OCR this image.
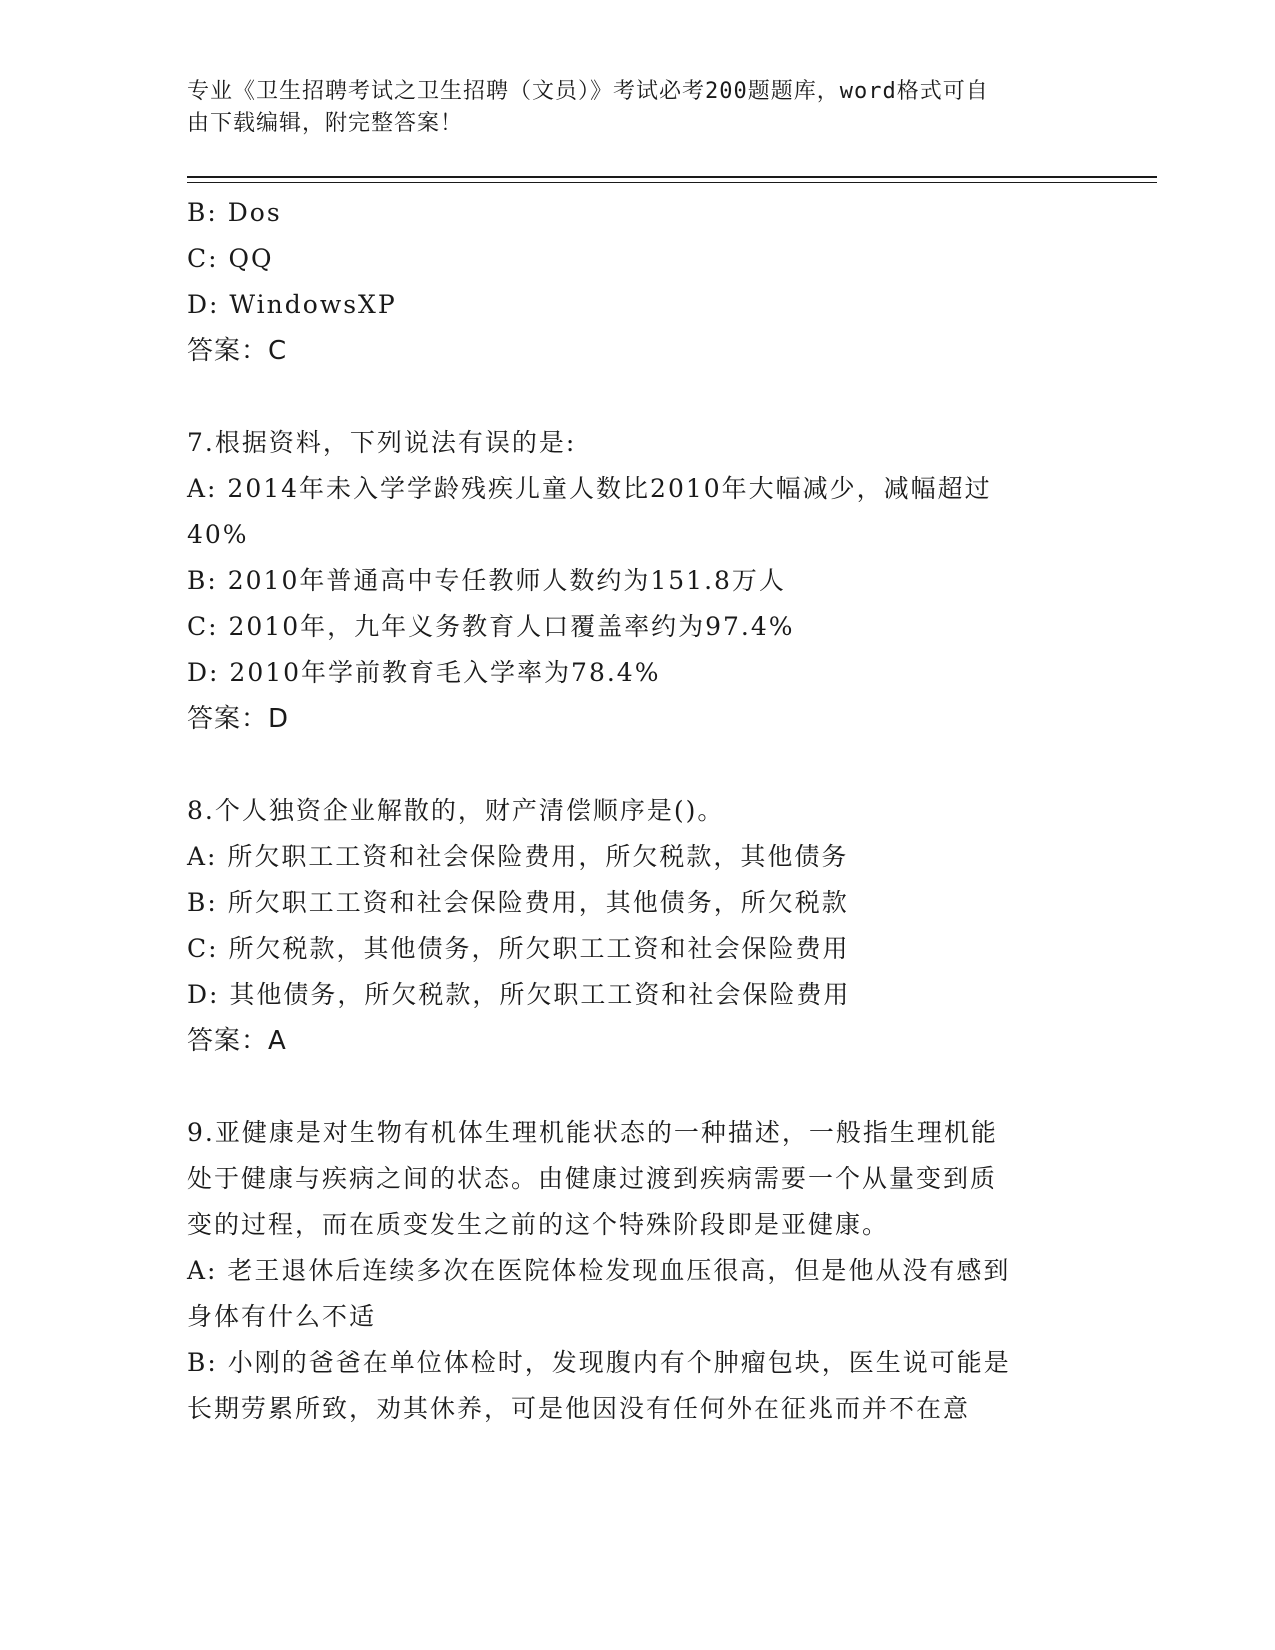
专业《卫生招聘考试之卫生招聘（文员）》考试必考200题题库，word格式可自
由下载编辑，附完整答案！
B: Dos
C: QQ
D: WindowsXP
答案：C
7.根据资料，下列说法有误的是:
A: 2014年未入学学龄残疾儿童人数比2010年大幅减少，减幅超过
40%
B: 2010年普通高中专任教师人数约为151.8万人
C: 2010年，九年义务教育人口覆盖率约为97.4%
D: 2010年学前教育毛入学率为78.4%
答案：D
8.个人独资企业解散的，财产清偿顺序是()。
A: 所欠职工工资和社会保险费用，所欠税款，其他债务
B: 所欠职工工资和社会保险费用，其他债务，所欠税款
C: 所欠税款，其他债务，所欠职工工资和社会保险费用
D: 其他债务，所欠税款，所欠职工工资和社会保险费用
答案：A
9.亚健康是对生物有机体生理机能状态的一种描述，一般指生理机能
处于健康与疾病之间的状态。由健康过渡到疾病需要一个从量变到质
变的过程，而在质变发生之前的这个特殊阶段即是亚健康。
A: 老王退休后连续多次在医院体检发现血压很高，但是他从没有感到
身体有什么不适
B: 小刚的爸爸在单位体检时，发现腹内有个肿瘤包块，医生说可能是
长期劳累所致，劝其休养，可是他因没有任何外在征兆而并不在意
